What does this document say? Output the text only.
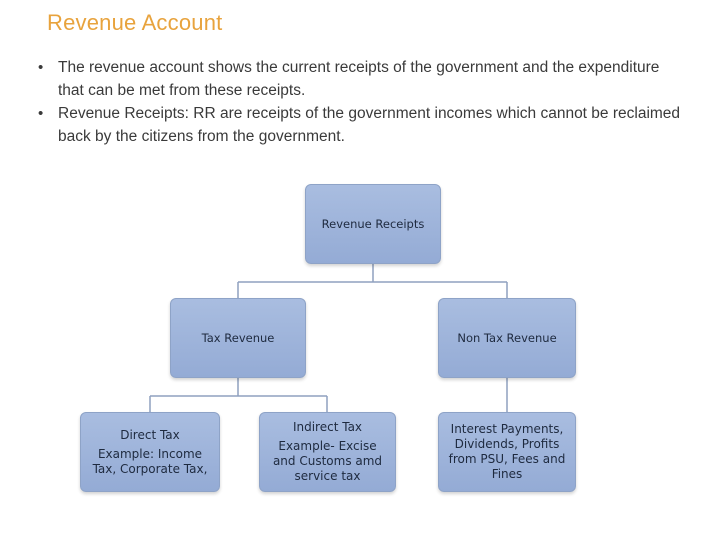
Revenue Account
• The revenue account shows the current receipts of the government and the expenditure that can be met from these receipts.
• Revenue Receipts: RR are receipts of the government incomes which cannot be reclaimed back by the citizens from the government.
Revenue Receipts
Tax Revenue	Non Tax Revenue
Direct Tax
Example: Income Tax, Corporate Tax,
Indirect Tax
Example- Excise and Customs amd service tax
Interest Payments, Dividends, Profits from PSU, Fees and Fines
